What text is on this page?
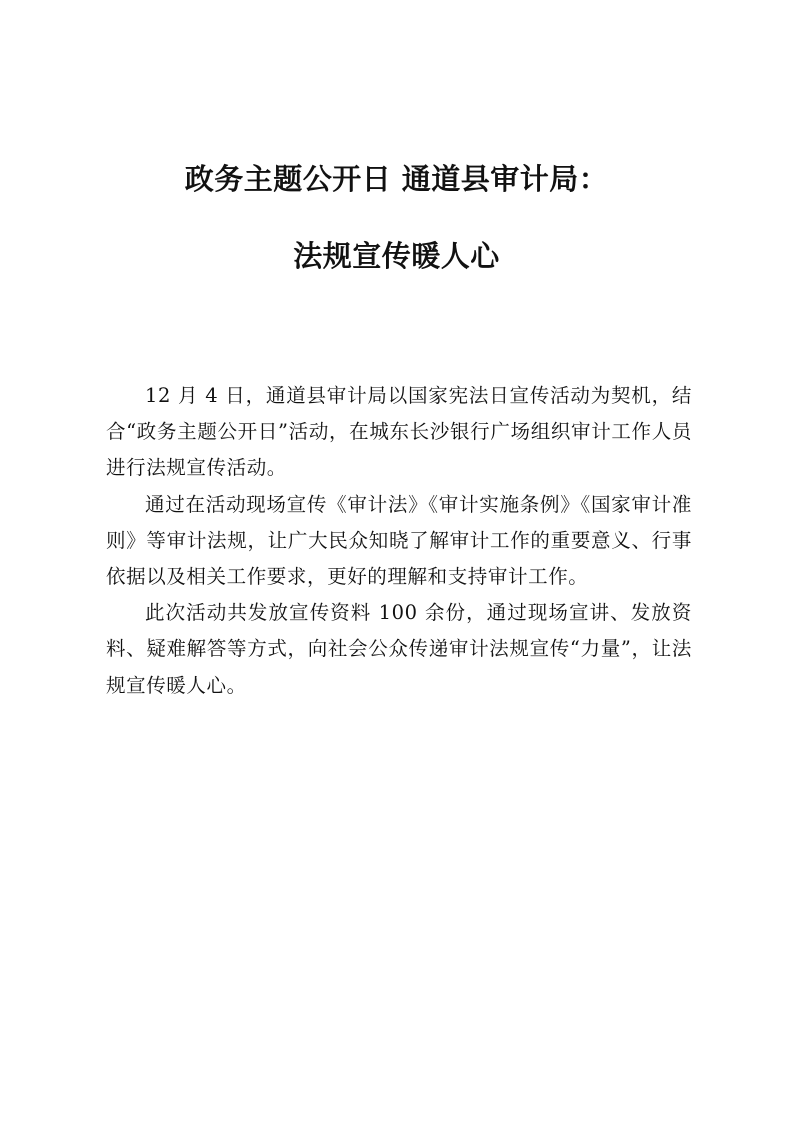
政务主题公开日 通道县审计局：
法规宣传暖人心

12 月 4 日，通道县审计局以国家宪法日宣传活动为契机，结合“政务主题公开日”活动，在城东长沙银行广场组织审计工作人员进行法规宣传活动。

通过在活动现场宣传《审计法》《审计实施条例》《国家审计准则》等审计法规，让广大民众知晓了解审计工作的重要意义、行事依据以及相关工作要求，更好的理解和支持审计工作。

此次活动共发放宣传资料 100 余份，通过现场宣讲、发放资料、疑难解答等方式，向社会公众传递审计法规宣传“力量”，让法规宣传暖人心。
